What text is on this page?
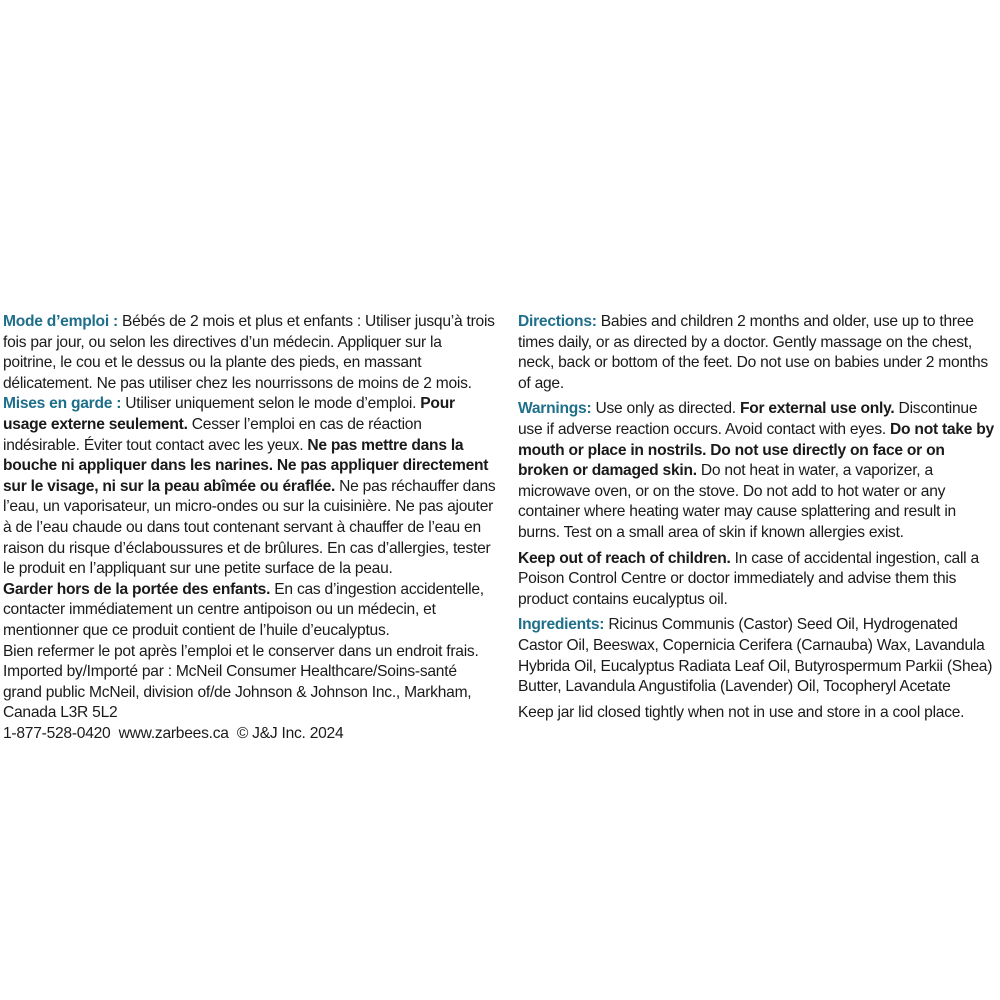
Mode d’emploi : Bébés de 2 mois et plus et enfants : Utiliser jusqu’à trois fois par jour, ou selon les directives d’un médecin. Appliquer sur la poitrine, le cou et le dessus ou la plante des pieds, en massant délicatement. Ne pas utiliser chez les nourrissons de moins de 2 mois.

Mises en garde : Utiliser uniquement selon le mode d’emploi. Pour usage externe seulement. Cesser l’emploi en cas de réaction indésirable. Éviter tout contact avec les yeux. Ne pas mettre dans la bouche ni appliquer dans les narines. Ne pas appliquer directement sur le visage, ni sur la peau abîmée ou éraflée. Ne pas réchauffer dans l’eau, un vaporisateur, un micro-ondes ou sur la cuisinière. Ne pas ajouter à de l’eau chaude ou dans tout contenant servant à chauffer de l’eau en raison du risque d’éclaboussures et de brûlures. En cas d’allergies, tester le produit en l’appliquant sur une petite surface de la peau.

Garder hors de la portée des enfants. En cas d’ingestion accidentelle, contacter immédiatement un centre antipoison ou un médecin, et mentionner que ce produit contient de l’huile d’eucalyptus.

Bien refermer le pot après l’emploi et le conserver dans un endroit frais.

Imported by/Importé par : McNeil Consumer Healthcare/Soins-santé grand public McNeil, division of/de Johnson & Johnson Inc., Markham, Canada L3R 5L2

1-877-528-0420  www.zarbees.ca  © J&J Inc. 2024

Directions: Babies and children 2 months and older, use up to three times daily, or as directed by a doctor. Gently massage on the chest, neck, back or bottom of the feet. Do not use on babies under 2 months of age.

Warnings: Use only as directed. For external use only. Discontinue use if adverse reaction occurs. Avoid contact with eyes. Do not take by mouth or place in nostrils. Do not use directly on face or on broken or damaged skin. Do not heat in water, a vaporizer, a microwave oven, or on the stove. Do not add to hot water or any container where heating water may cause splattering and result in burns. Test on a small area of skin if known allergies exist.

Keep out of reach of children. In case of accidental ingestion, call a Poison Control Centre or doctor immediately and advise them this product contains eucalyptus oil.

Ingredients: Ricinus Communis (Castor) Seed Oil, Hydrogenated Castor Oil, Beeswax, Copernicia Cerifera (Carnauba) Wax, Lavandula Hybrida Oil, Eucalyptus Radiata Leaf Oil, Butyrospermum Parkii (Shea) Butter, Lavandula Angustifolia (Lavender) Oil, Tocopheryl Acetate

Keep jar lid closed tightly when not in use and store in a cool place.
